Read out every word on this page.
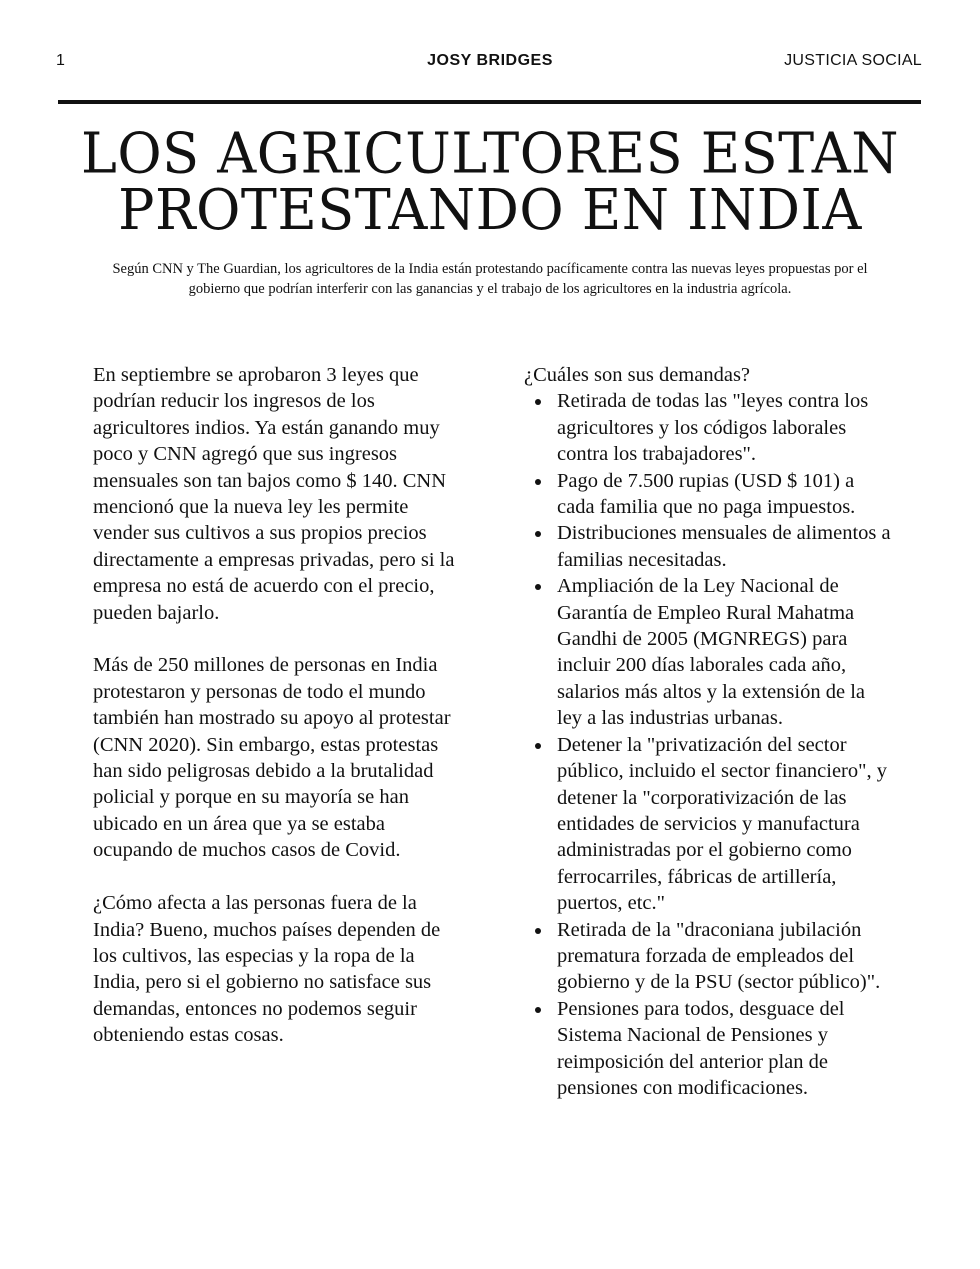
1	JOSY BRIDGES	JUSTICIA SOCIAL
LOS AGRICULTORES ESTAN
PROTESTANDO EN INDIA

Según CNN y The Guardian, los agricultores de la India están protestando pacíficamente contra las nuevas leyes propuestas por el gobierno que podrían interferir con las ganancias y el trabajo de los agricultores en la industria agrícola.

En septiembre se aprobaron 3 leyes que podrían reducir los ingresos de los agricultores indios. Ya están ganando muy poco y CNN agregó que sus ingresos mensuales son tan bajos como $ 140. CNN mencionó que la nueva ley les permite vender sus cultivos a sus propios precios directamente a empresas privadas, pero si la empresa no está de acuerdo con el precio, pueden bajarlo.

Más de 250 millones de personas en India protestaron y personas de todo el mundo también han mostrado su apoyo al protestar (CNN 2020). Sin embargo, estas protestas han sido peligrosas debido a la brutalidad policial y porque en su mayoría se han ubicado en un área que ya se estaba ocupando de muchos casos de Covid.

¿Cómo afecta a las personas fuera de la India? Bueno, muchos países dependen de los cultivos, las especias y la ropa de la India, pero si el gobierno no satisface sus demandas, entonces no podemos seguir obteniendo estas cosas.

¿Cuáles son sus demandas?

Retirada de todas las "leyes contra los agricultores y los códigos laborales contra los trabajadores".
Pago de 7.500 rupias (USD $ 101) a cada familia que no paga impuestos.
Distribuciones mensuales de alimentos a familias necesitadas.
Ampliación de la Ley Nacional de Garantía de Empleo Rural Mahatma Gandhi de 2005 (MGNREGS) para incluir 200 días laborales cada año, salarios más altos y la extensión de la ley a las industrias urbanas.
Detener la "privatización del sector público, incluido el sector financiero", y detener la "corporativización de las entidades de servicios y manufactura administradas por el gobierno como ferrocarriles, fábricas de artillería, puertos, etc."
Retirada de la "draconiana jubilación prematura forzada de empleados del gobierno y de la PSU (sector público)".
Pensiones para todos, desguace del Sistema Nacional de Pensiones y reimposición del anterior plan de pensiones con modificaciones.
